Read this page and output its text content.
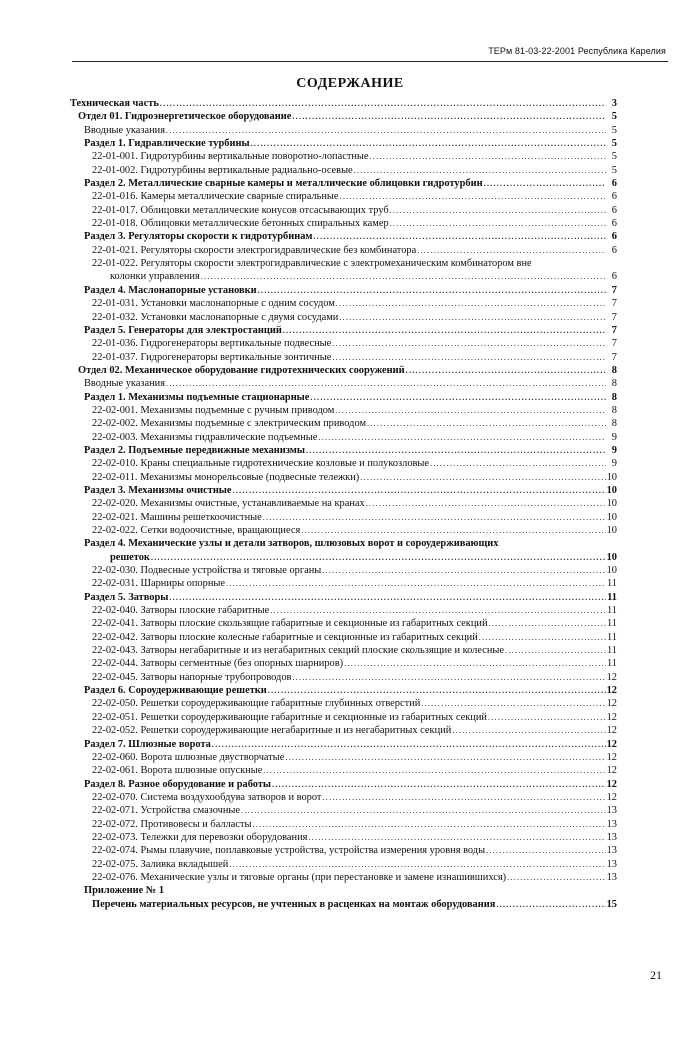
ТЕРм 81-03-22-2001 Республика Карелия
СОДЕРЖАНИЕ
Техническая часть .....	3
Отдел 01. Гидроэнергетическое оборудование .....	5
Вводные указания .....	5
Раздел 1. Гидравлические турбины .....	5
22-01-001. Гидротурбины вертикальные поворотно-лопастные .....	5
22-01-002. Гидротурбины вертикальные радиально-осевые .....	5
Раздел 2. Металлические сварные камеры и металлические облицовки гидротурбин .....	6
22-01-016. Камеры металлические сварные спиральные .....	6
22-01-017. Облицовки металлические конусов отсасывающих труб .....	6
22-01-018. Облицовки металлические бетонных спиральных камер .....	6
Раздел 3. Регуляторы скорости к гидротурбинам .....	6
22-01-021. Регуляторы скорости электрогидравлические без комбинатора .....	6
22-01-022. Регуляторы скорости электрогидравлические с электромеханическим комбинатором вне
колонки управления .....	6
Раздел 4. Маслонапорные установки .....	7
22-01-031. Установки маслонапорные с одним сосудом .....	7
22-01-032. Установки маслонапорные с двумя сосудами .....	7
Раздел 5. Генераторы для электростанций .....	7
22-01-036. Гидрогенераторы вертикальные подвесные .....	7
22-01-037. Гидрогенераторы вертикальные зонтичные .....	7
Отдел 02. Механическое оборудование гидротехнических сооружений .....	8
Вводные указания .....	8
Раздел 1. Механизмы подъемные стационарные .....	8
22-02-001. Механизмы подъемные с ручным приводом .....	8
22-02-002. Механизмы подъемные с электрическим приводом .....	8
22-02-003. Механизмы гидравлические подъемные .....	9
Раздел 2. Подъемные передвижные механизмы .....	9
22-02-010. Краны специальные гидротехнические козловые и полукозловые .....	9
22-02-011. Механизмы монорельсовые (подвесные тележки) .....	10
Раздел 3. Механизмы очистные .....	10
22-02-020. Механизмы очистные, устанавливаемые на кранах .....	10
22-02-021. Машины решеткоочистные .....	10
22-02-022. Сетки водоочистные, вращающиеся .....	10
Раздел 4. Механические узлы и детали затворов, шлюзовых ворот и сороудерживающих
решеток .....	10
22-02-030. Подвесные устройства и тяговые органы .....	10
22-02-031. Шарниры опорные .....	11
Раздел 5. Затворы .....	11
22-02-040. Затворы плоские габаритные .....	11
22-02-041. Затворы плоские скользящие габаритные и секционные из габаритных секций .....	11
22-02-042. Затворы плоские колесные габаритные и секционные из габаритных секций .....	11
22-02-043. Затворы негабаритные и из негабаритных секций плоские скользящие и колесные .....	11
22-02-044. Затворы сегментные (без опорных шарниров) .....	11
22-02-045. Затворы напорные трубопроводов .....	12
Раздел 6. Сороудерживающие решетки .....	12
22-02-050. Решетки сороудерживающие габаритные глубинных отверстий .....	12
22-02-051. Решетки сороудерживающие габаритные и секционные из габаритных секций .....	12
22-02-052. Решетки сороудерживающие негабаритные и из негабаритных секций .....	12
Раздел 7. Шлюзные ворота .....	12
22-02-060. Ворота шлюзные двустворчатые .....	12
22-02-061. Ворота шлюзные опускные .....	12
Раздел 8. Разное оборудование и работы .....	12
22-02-070. Система воздухообдува затворов и ворот .....	12
22-02-071. Устройства смазочные .....	13
22-02-072. Противовесы и балласты .....	13
22-02-073. Тележки для перевозки оборудования .....	13
22-02-074. Рымы плавучие, поплавковые устройства, устройства измерения уровня воды .....	13
22-02-075. Заливка вкладышей .....	13
22-02-076. Механические узлы и тяговые органы (при перестановке и замене изнашившихся) .....	13
Приложение № 1
Перечень материальных ресурсов, не учтенных в расценках на монтаж оборудования .....	15
21
